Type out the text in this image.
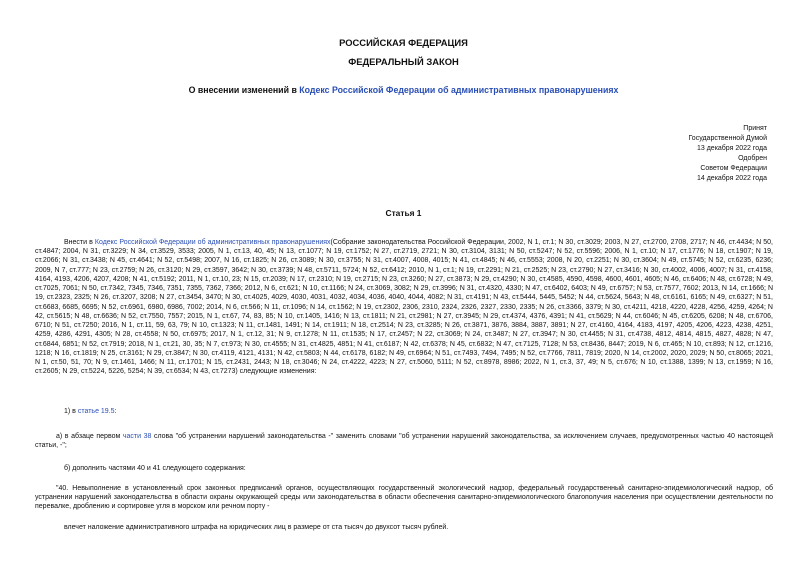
РОССИЙСКАЯ ФЕДЕРАЦИЯ
ФЕДЕРАЛЬНЫЙ ЗАКОН
О внесении изменений в Кодекс Российской Федерации об административных правонарушениях
Принят
Государственной Думой
13 декабря 2022 года
Одобрен
Советом Федерации
14 декабря 2022 года
Статья 1
Внести в Кодекс Российской Федерации об административных правонарушениях(Собрание законодательства Российской Федерации, 2002, N 1, ст.1; N 30, ст.3029; 2003, N 27, ст.2700, 2708, 2717; N 46, ст.4434; N 50, ст.4847; 2004, N 31, ст.3229; N 34, ст.3529, 3533; 2005, N 1, ст.13, 40, 45; N 13, ст.1077; N 19, ст.1752; N 27, ст.2719, 2721; N 30, ст.3104, 3131; N 50, ст.5247; N 52, ст.5596; 2006, N 1, ст.10; N 17, ст.1776; N 18, ст.1907; N 19, ст.2066; N 31, ст.3438; N 45, ст.4641; N 52, ст.5498; 2007, N 16, ст.1825; N 26, ст.3089; N 30, ст.3755; N 31, ст.4007, 4008, 4015; N 41, ст.4845; N 46, ст.5553; 2008, N 20, ст.2251; N 30, ст.3604; N 49, ст.5745; N 52, ст.6235, 6236; 2009, N 7, ст.777; N 23, ст.2759; N 26, ст.3120; N 29, ст.3597, 3642; N 30, ст.3739; N 48, ст.5711, 5724; N 52, ст.6412; 2010, N 1, ст.1; N 19, ст.2291; N 21, ст.2525; N 23, ст.2790; N 27, ст.3416; N 30, ст.4002, 4006, 4007; N 31, ст.4158, 4164, 4193, 4206, 4207, 4208; N 41, ст.5192; 2011, N 1, ст.10, 23; N 15, ст.2039; N 17, ст.2310; N 19, ст.2715; N 23, ст.3260; N 27, ст.3873; N 29, ст.4290; N 30, ст.4585, 4590, 4598, 4600, 4601, 4605; N 46, ст.6406; N 48, ст.6728; N 49, ст.7025, 7061; N 50, ст.7342, 7345, 7346, 7351, 7355, 7362, 7366; 2012, N 6, ст.621; N 10, ст.1166; N 24, ст.3069, 3082; N 29, ст.3996; N 31, ст.4320, 4330; N 47, ст.6402, 6403; N 49, ст.6757; N 53, ст.7577, 7602; 2013, N 14, ст.1666; N 19, ст.2323, 2325; N 26, ст.3207, 3208; N 27, ст.3454, 3470; N 30, ст.4025, 4029, 4030, 4031, 4032, 4034, 4036, 4040, 4044, 4082; N 31, ст.4191; N 43, ст.5444, 5445, 5452; N 44, ст.5624, 5643; N 48, ст.6161, 6165; N 49, ст.6327; N 51, ст.6683, 6685, 6695; N 52, ст.6961, 6980, 6986, 7002; 2014, N 6, ст.566; N 11, ст.1096; N 14, ст.1562; N 19, ст.2302, 2306, 2310, 2324, 2326, 2327, 2330, 2335; N 26, ст.3366, 3379; N 30, ст.4211, 4218, 4220, 4228, 4256, 4259, 4264; N 42, ст.5615; N 48, ст.6636; N 52, ст.7550, 7557; 2015, N 1, ст.67, 74, 83, 85; N 10, ст.1405, 1416; N 13, ст.1811; N 21, ст.2981; N 27, ст.3945; N 29, ст.4374, 4376, 4391; N 41, ст.5629; N 44, ст.6046; N 45, ст.6205, 6208; N 48, ст.6706, 6710; N 51, ст.7250; 2016, N 1, ст.11, 59, 63, 79; N 10, ст.1323; N 11, ст.1481, 1491; N 14, ст.1911; N 18, ст.2514; N 23, ст.3285; N 26, ст.3871, 3876, 3884, 3887, 3891; N 27, ст.4160, 4164, 4183, 4197, 4205, 4206, 4223, 4238, 4251, 4259, 4286, 4291, 4305; N 28, ст.4558; N 50, ст.6975; 2017, N 1, ст.12, 31; N 9, ст.1278; N 11, ст.1535; N 17, ст.2457; N 22, ст.3069; N 24, ст.3487; N 27, ст.3947; N 30, ст.4455; N 31, ст.4738, 4812, 4814, 4815, 4827, 4828; N 47, ст.6844, 6851; N 52, ст.7919; 2018, N 1, ст.21, 30, 35; N 7, ст.973; N 30, ст.4555; N 31, ст.4825, 4851; N 41, ст.6187; N 42, ст.6378; N 45, ст.6832; N 47, ст.7125, 7128; N 53, ст.8436, 8447; 2019, N 6, ст.465; N 10, ст.893; N 12, ст.1216, 1218; N 16, ст.1819; N 25, ст.3161; N 29, ст.3847; N 30, ст.4119, 4121, 4131; N 42, ст.5803; N 44, ст.6178, 6182; N 49, ст.6964; N 51, ст.7493, 7494, 7495; N 52, ст.7766, 7811, 7819; 2020, N 14, ст.2002, 2020, 2029; N 50, ст.8065; 2021, N 1, ст.50, 51, 70; N 9, ст.1461, 1466; N 11, ст.1701; N 15, ст.2431, 2443; N 18, ст.3046; N 24, ст.4222, 4223; N 27, ст.5060, 5111; N 52, ст.8978, 8986; 2022, N 1, ст.3, 37, 49; N 5, ст.676; N 10, ст.1388, 1399; N 13, ст.1959; N 16, ст.2605; N 29, ст.5224, 5226, 5254; N 39, ст.6534; N 43, ст.7273) следующие изменения:
1) в статье 19.5:
а) в абзаце первом части 38 слова "об устранении нарушений законодательства -" заменить словами "об устранении нарушений законодательства, за исключением случаев, предусмотренных частью 40 настоящей статьи, -";
б) дополнить частями 40 и 41 следующего содержания:
"40. Невыполнение в установленный срок законных предписаний органов, осуществляющих государственный экологический надзор, федеральный государственный санитарно-эпидемиологический надзор, об устранении нарушений законодательства в области охраны окружающей среды или законодательства в области обеспечения санитарно-эпидемиологического благополучия населения при осуществлении деятельности по перевалке, дроблению и сортировке угля в морском или речном порту -
влечет наложение административного штрафа на юридических лиц в размере от ста тысяч до двухсот тысяч рублей.
